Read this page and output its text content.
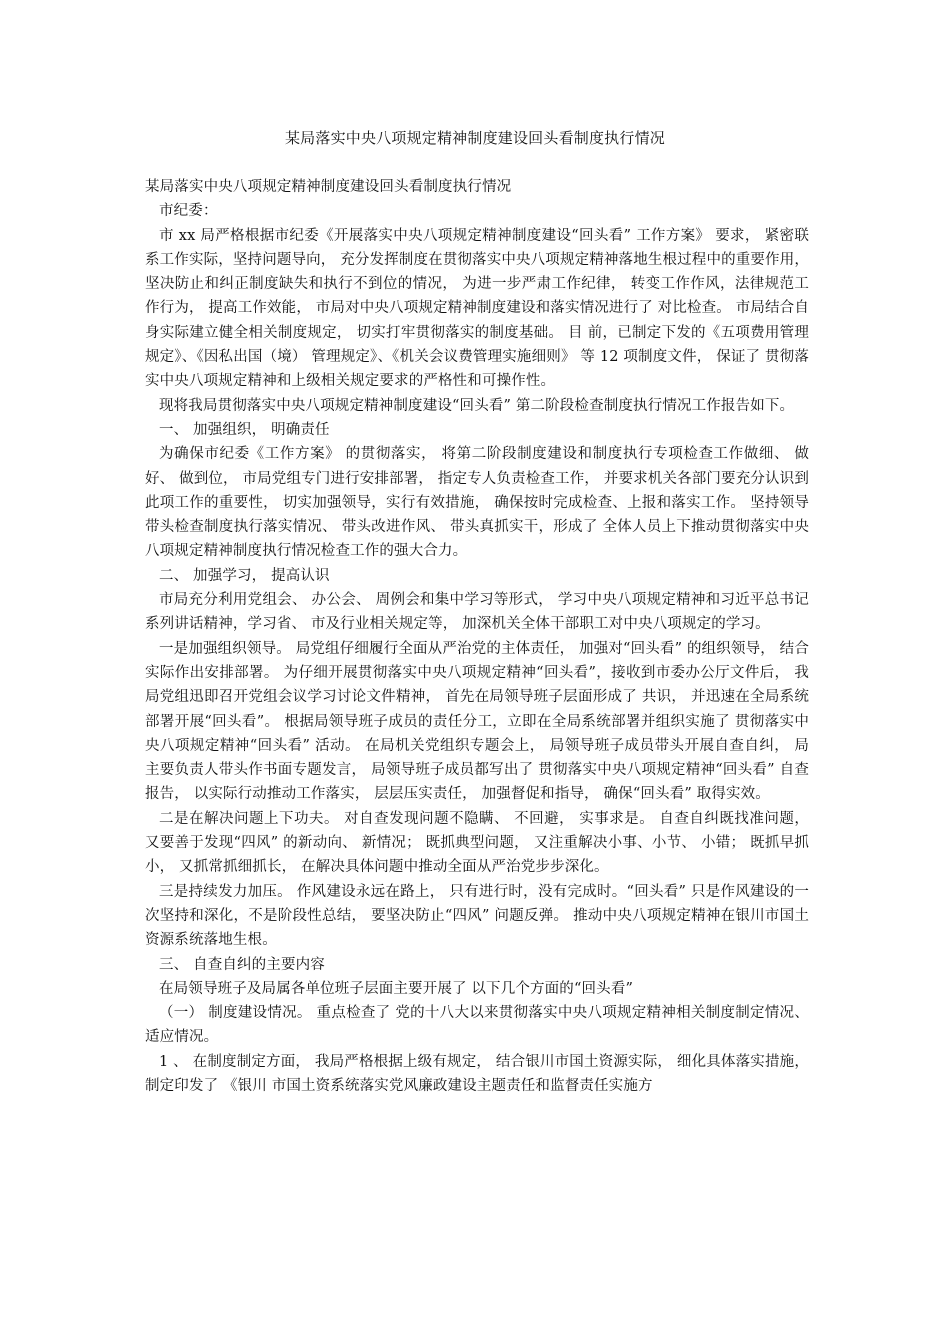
某局落实中央八项规定精神制度建设回头看制度执行情况

某局落实中央八项规定精神制度建设回头看制度执行情况

市纪委：

市 xx 局严格根据市纪委《开展落实中央八项规定精神制度建设“回头看” 工作方案》 要求， 紧密联系工作实际，坚持问题导向， 充分发挥制度在贯彻落实中央八项规定精神落地生根过程中的重要作用， 坚决防止和纠正制度缺失和执行不到位的情况， 为进一步严肃工作纪律， 转变工作作风，法律规范工作行为， 提高工作效能， 市局对中央八项规定精神制度建设和落实情况进行了 对比检查。 市局结合自身实际建立健全相关制度规定， 切实打牢贯彻落实的制度基础。 目 前，已制定下发的《五项费用管理规定》、《因私出国（境） 管理规定》、《机关会议费管理实施细则》 等 12 项制度文件， 保证了 贯彻落实中央八项规定精神和上级相关规定要求的严格性和可操作性。

现将我局贯彻落实中央八项规定精神制度建设“回头看” 第二阶段检查制度执行情况工作报告如下。

一、 加强组织， 明确责任

为确保市纪委《工作方案》 的贯彻落实， 将第二阶段制度建设和制度执行专项检查工作做细、 做好、 做到位， 市局党组专门进行安排部署， 指定专人负责检查工作， 并要求机关各部门要充分认识到此项工作的重要性， 切实加强领导，实行有效措施， 确保按时完成检查、上报和落实工作。 坚持领导带头检查制度执行落实情况、 带头改进作风、 带头真抓实干，形成了 全体人员上下推动贯彻落实中央八项规定精神制度执行情况检查工作的强大合力。

二、 加强学习， 提高认识

市局充分利用党组会、 办公会、 周例会和集中学习等形式， 学习中央八项规定精神和习近平总书记系列讲话精神，学习省、 市及行业相关规定等， 加深机关全体干部职工对中央八项规定的学习。

一是加强组织领导。 局党组仔细履行全面从严治党的主体责任， 加强对“回头看” 的组织领导， 结合实际作出安排部署。 为仔细开展贯彻落实中央八项规定精神“回头看”，接收到市委办公厅文件后， 我局党组迅即召开党组会议学习讨论文件精神， 首先在局领导班子层面形成了 共识， 并迅速在全局系统部署开展“回头看”。 根据局领导班子成员的责任分工，立即在全局系统部署并组织实施了 贯彻落实中央八项规定精神“回头看” 活动。 在局机关党组织专题会上， 局领导班子成员带头开展自查自纠， 局主要负责人带头作书面专题发言， 局领导班子成员都写出了 贯彻落实中央八项规定精神“回头看” 自查报告， 以实际行动推动工作落实， 层层压实责任， 加强督促和指导， 确保“回头看” 取得实效。

二是在解决问题上下功夫。 对自查发现问题不隐瞒、 不回避， 实事求是。 自查自纠既找准问题， 又要善于发现“四风” 的新动向、 新情况； 既抓典型问题， 又注重解决小事、小节、 小错； 既抓早抓小， 又抓常抓细抓长， 在解决具体问题中推动全面从严治党步步深化。

三是持续发力加压。 作风建设永远在路上， 只有进行时，没有完成时。“回头看” 只是作风建设的一次坚持和深化，不是阶段性总结， 要坚决防止“四风” 问题反弹。 推动中央八项规定精神在银川市国土资源系统落地生根。

三、 自查自纠的主要内容

在局领导班子及局属各单位班子层面主要开展了 以下几个方面的“回头看”

（一） 制度建设情况。 重点检查了 党的十八大以来贯彻落实中央八项规定精神相关制度制定情况、 适应情况。

1 、 在制度制定方面， 我局严格根据上级有规定， 结合银川市国土资源实际， 细化具体落实措施， 制定印发了 《银川 市国土资系统落实党风廉政建设主题责任和监督责任实施方
